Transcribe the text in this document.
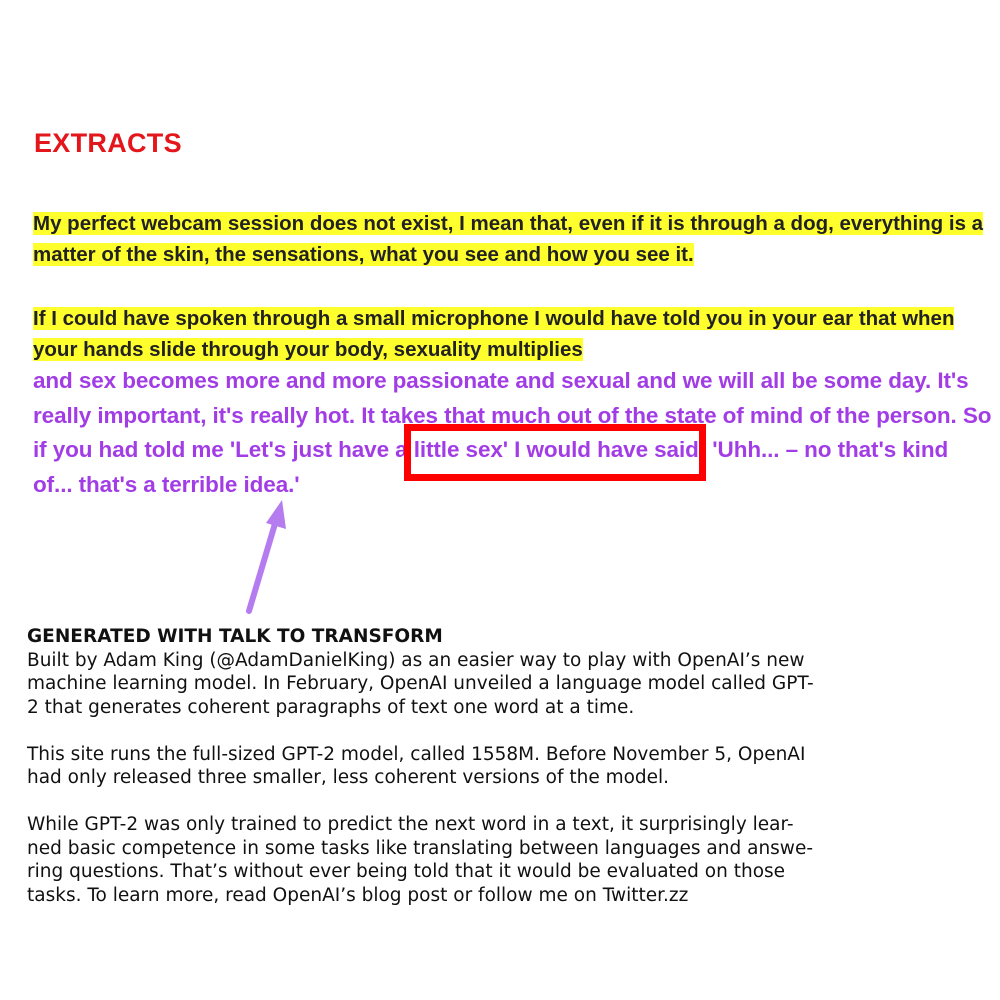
EXTRACTS

My perfect webcam session does not exist, I mean that, even if it is through a dog, everything is a matter of the skin, the sensations, what you see and how you see it.

If I could have spoken through a small microphone I would have told you in your ear that when your hands slide through your body, sexuality multiplies

and sex becomes more and more passionate and sexual and we will all be some day. It's really important, it's really hot. It takes that much out of the state of mind of the person. So if you had told me 'Let's just have a little sex' I would have said: 'Uhh... – no that's kind of... that's a terrible idea.'

GENERATED WITH TALK TO TRANSFORM

Built by Adam King (@AdamDanielKing) as an easier way to play with OpenAI’s new
machine learning model. In February, OpenAI unveiled a language model called GPT-
2 that generates coherent paragraphs of text one word at a time.

This site runs the full-sized GPT-2 model, called 1558M. Before November 5, OpenAI
had only released three smaller, less coherent versions of the model.

While GPT-2 was only trained to predict the next word in a text, it surprisingly lear-
ned basic competence in some tasks like translating between languages and answe-
ring questions. That’s without ever being told that it would be evaluated on those
tasks. To learn more, read OpenAI’s blog post or follow me on Twitter.zz
